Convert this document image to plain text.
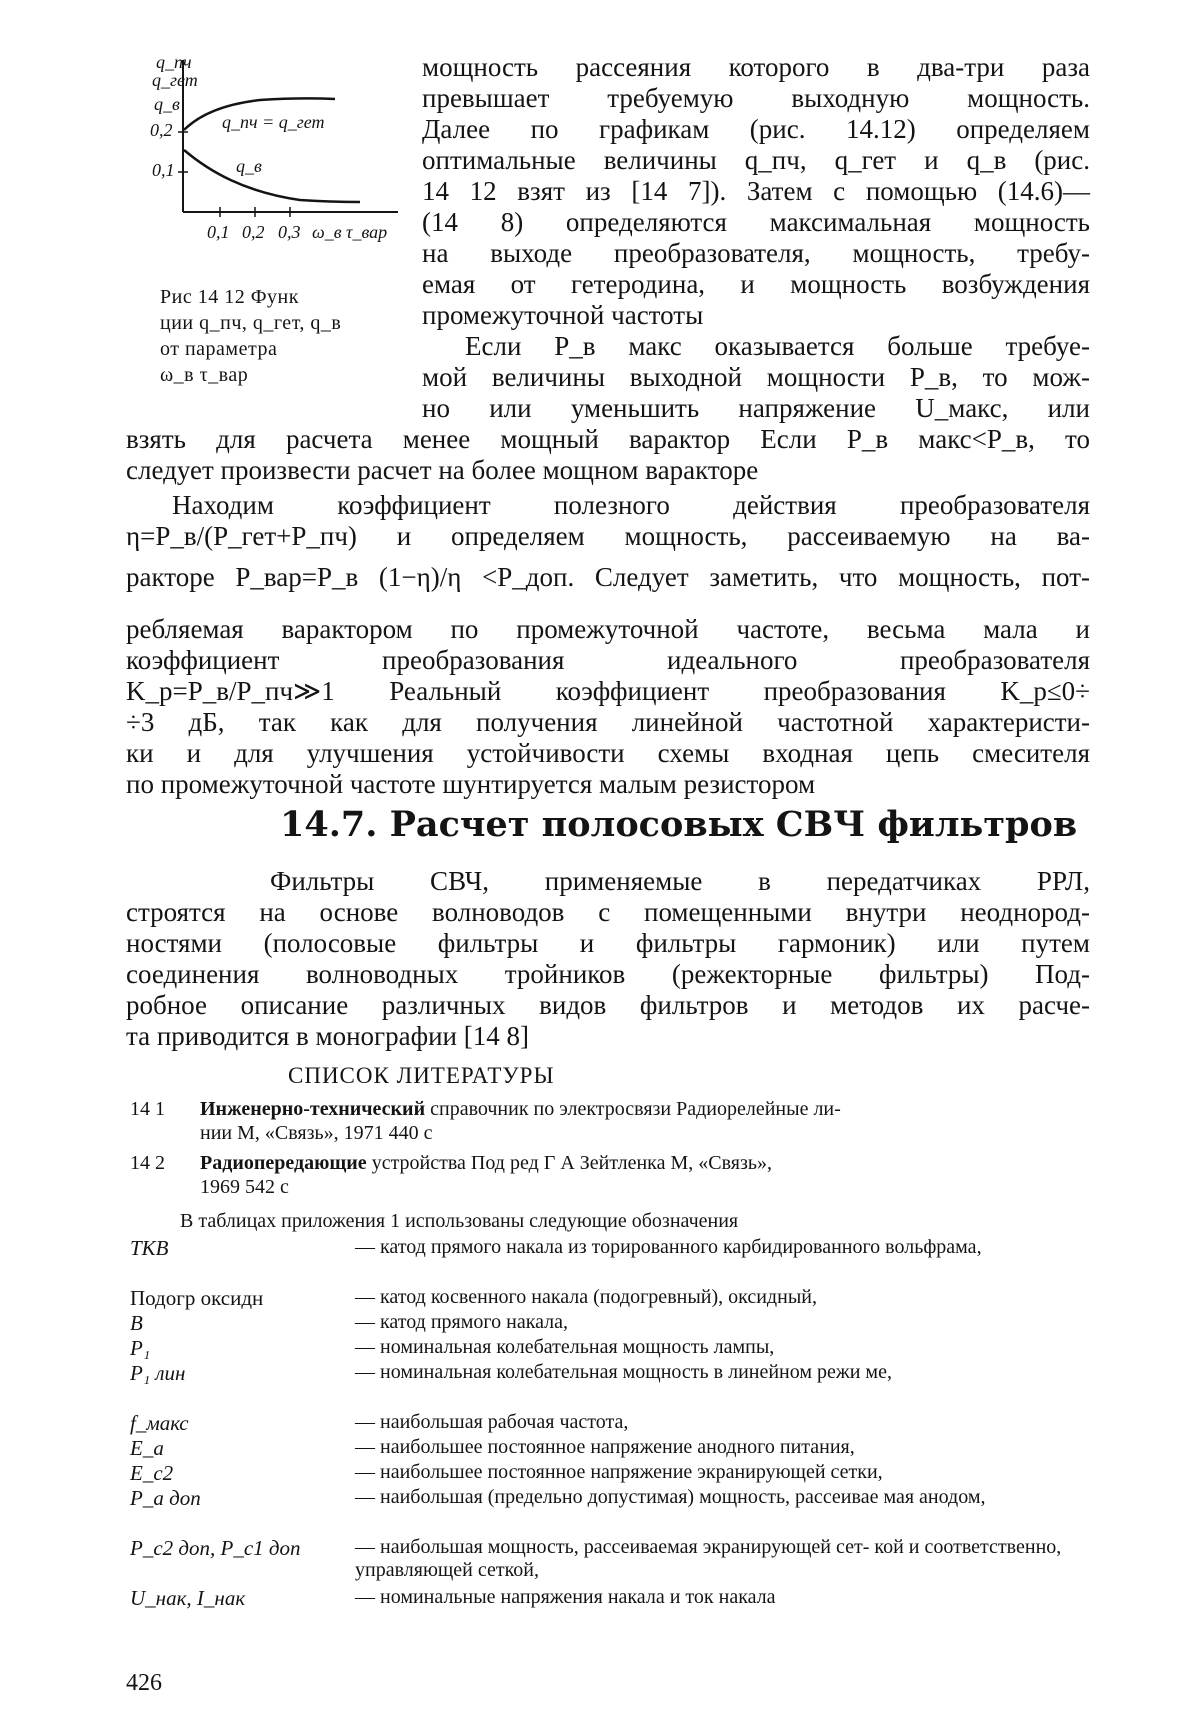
q_пч
q_гет
q_в
0,2
0,1
0,1 0,2 0,3 ω_в τ_вар
q_пч = q_гет
q_в
Рис 14 12 Функ
ции q_пч, q_гет, q_в
от параметра
ω_в τ_вар
мощность рассеяния которого в два-три раза
превышает требуемую выходную мощность.
Далее по графикам (рис. 14.12) определяем
оптимальные величины q_пч, q_гет и q_в (рис.
14 12 взят из [14 7]). Затем с помощью (14.6)—
(14 8) определяются максимальная мощность
на выходе преобразователя, мощность, требу-
емая от гетеродина, и мощность возбуждения
промежуточной частоты
Если P_в макс оказывается больше требуе-
мой величины выходной мощности P_в, то мож-
но или уменьшить напряжение U_макс, или
взять для расчета менее мощный варактор Если P_в макс<P_в, то
следует произвести расчет на более мощном варакторе
Находим коэффициент полезного действия преобразователя
η=P_в/(P_гет+P_пч) и определяем мощность, рассеиваемую на ва-
ракторе P_вар=P_в (1−η)/η <P_доп. Следует заметить, что мощность, пот-
ребляемая варактором по промежуточной частоте, весьма мала и
коэффициент преобразования идеального преобразователя
K_p=P_в/P_пч≫1 Реальный коэффициент преобразования K_p≤0÷
÷3 дБ, так как для получения линейной частотной характеристи-
ки и для улучшения устойчивости схемы входная цепь смесителя
по промежуточной частоте шунтируется малым резистором
14.7. Расчет полосовых СВЧ фильтров
Фильтры СВЧ, применяемые в передатчиках РРЛ,
строятся на основе волноводов с помещенными внутри неоднород-
ностями (полосовые фильтры и фильтры гармоник) или путем
соединения волноводных тройников (режекторные фильтры) Под-
робное описание различных видов фильтров и методов их расче-
та приводится в монографии [14 8]
СПИСОК ЛИТЕРАТУРЫ
14 1 Инженерно-технический справочник по электросвязи Радиорелейные ли-
нии М, «Связь», 1971 440 с
14 2 Радиопередающие устройства Под ред Г А Зейтленка М, «Связь»,
1969 542 с
В таблицах приложения 1 использованы следующие обозначения
ТКВ	— катод прямого накала из торированного карбидированного вольфрама,
Подогр оксидн	— катод косвенного накала (подогревный), оксидный,
В	— катод прямого накала,
P₁	— номинальная колебательная мощность лампы,
P₁ лин	— номинальная колебательная мощность в линейном режи ме,
f_макс	— наибольшая рабочая частота,
E_а	— наибольшее постоянное напряжение анодного питания,
E_с2	— наибольшее постоянное напряжение экранирующей сетки,
P_а доп	— наибольшая (предельно допустимая) мощность, рассеивае мая анодом,
P_с2 доп, P_с1 доп	— наибольшая мощность, рассеиваемая экранирующей сет- кой и соответственно, управляющей сеткой,
U_нак, I_нак	— номинальные напряжения накала и ток накала
426
